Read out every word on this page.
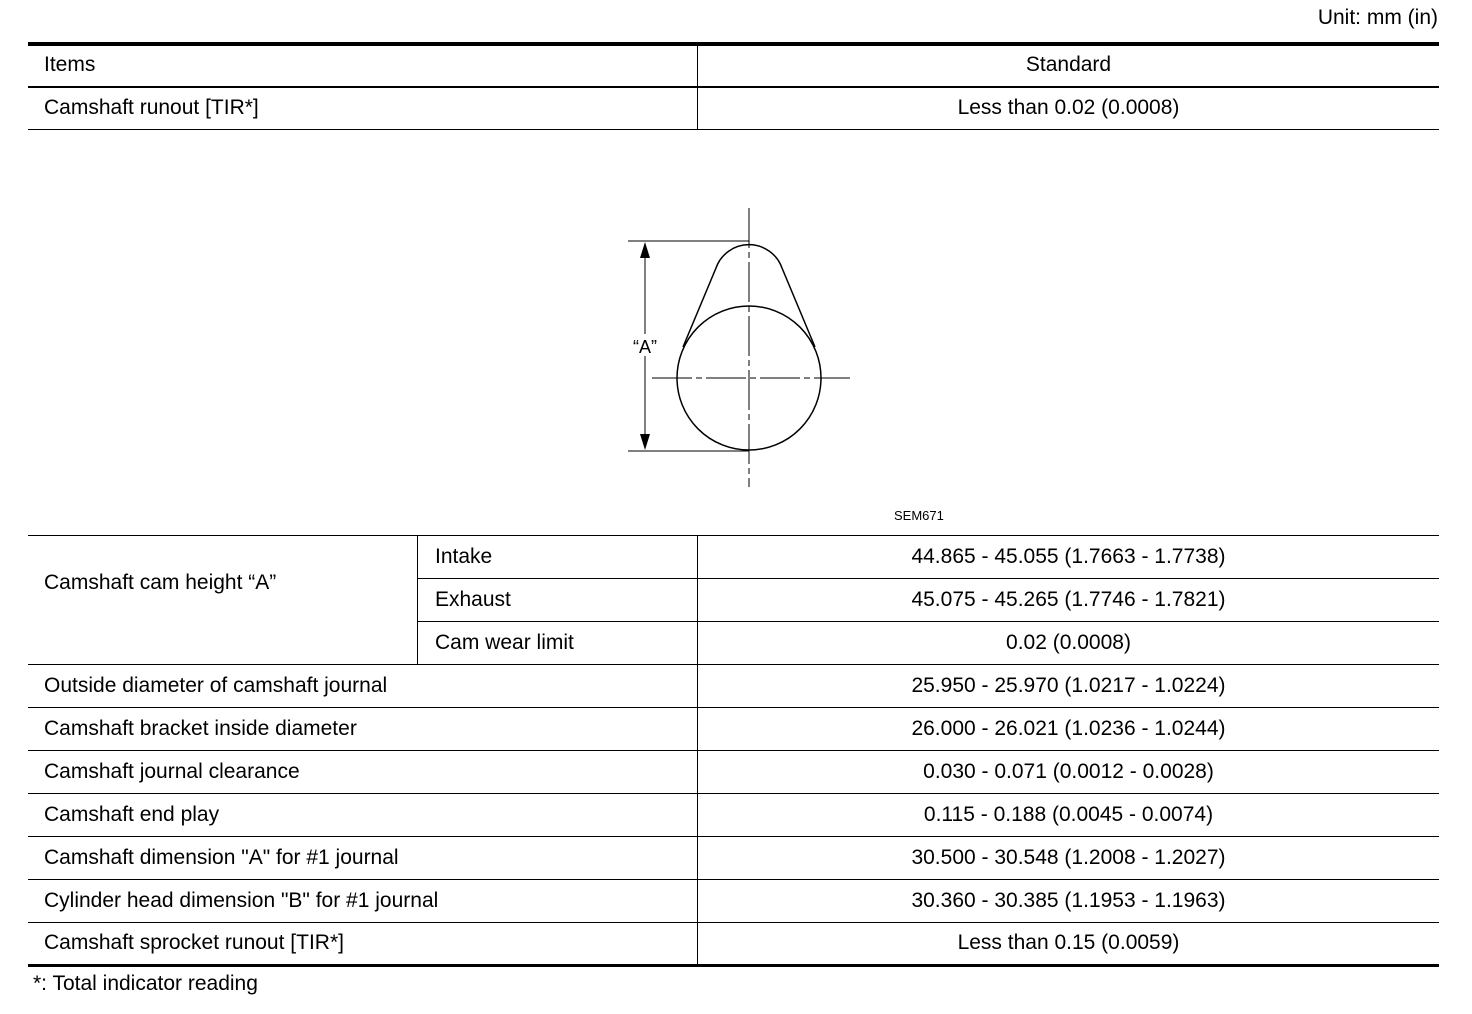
Unit: mm (in)
Items	Standard
Camshaft runout [TIR*]	Less than 0.02 (0.0008)
“A”
SEM671
Camshaft cam height “A”
Intake	44.865 - 45.055 (1.7663 - 1.7738)
Exhaust	45.075 - 45.265 (1.7746 - 1.7821)
Cam wear limit	0.02 (0.0008)
Outside diameter of camshaft journal	25.950 - 25.970 (1.0217 - 1.0224)
Camshaft bracket inside diameter	26.000 - 26.021 (1.0236 - 1.0244)
Camshaft journal clearance	0.030 - 0.071 (0.0012 - 0.0028)
Camshaft end play	0.115 - 0.188 (0.0045 - 0.0074)
Camshaft dimension "A" for #1 journal	30.500 - 30.548 (1.2008 - 1.2027)
Cylinder head dimension "B" for #1 journal	30.360 - 30.385 (1.1953 - 1.1963)
Camshaft sprocket runout [TIR*]	Less than 0.15 (0.0059)
*: Total indicator reading
